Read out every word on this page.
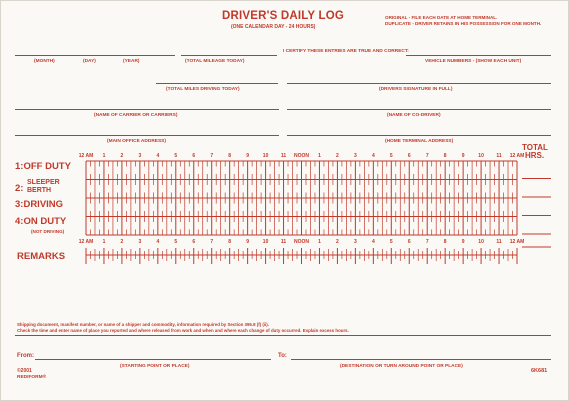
DRIVER'S DAILY LOG
(ONE CALENDAR DAY - 24 HOURS)
ORIGINAL - FILE EACH DATE AT HOME TERMINAL.
DUPLICATE - DRIVER RETAINS IN HIS POSSESSION FOR ONE MONTH.
(MONTH)	(DAY)	(YEAR)	(TOTAL MILEAGE TODAY)
I CERTIFY THESE ENTRIES ARE TRUE AND CORRECT:
VEHICLE NUMBERS - (SHOW EACH UNIT)
(TOTAL MILES DRIVING TODAY)	(DRIVERS SIGNATURE IN FULL)
(NAME OF CARRIER OR CARRIERS)	(NAME OF CO-DRIVER)
(MAIN OFFICE ADDRESS)	(HOME TERMINAL ADDRESS)
1:OFF DUTY
2:
SLEEPER
BERTH
3:DRIVING
4:ON DUTY
(NOT DRIVING)
REMARKS
TOTAL
HRS.
12 AM 1	2	3	4	5	6	7	8	9	10	11 NOON 1	2	3	4	5	6	7	8	9	10	11 12 AM
12 AM 1	2	3	4	5	6	7	8	9	10	11 NOON 1	2	3	4	5	6	7	8	9	10	11 12 AM
Shipping document, manifest number, or name of a shipper and commodity, information required by Section 395.8 (f) (ii).
Check the time and enter name of place you reported and where released from work and when and where each change of duty occurred. Explain excess hours.
From:	To:
(STARTING POINT OR PLACE)	(DESTINATION OR TURN AROUND POINT OR PLACE)
©2001
REDIFORM®
6K681
